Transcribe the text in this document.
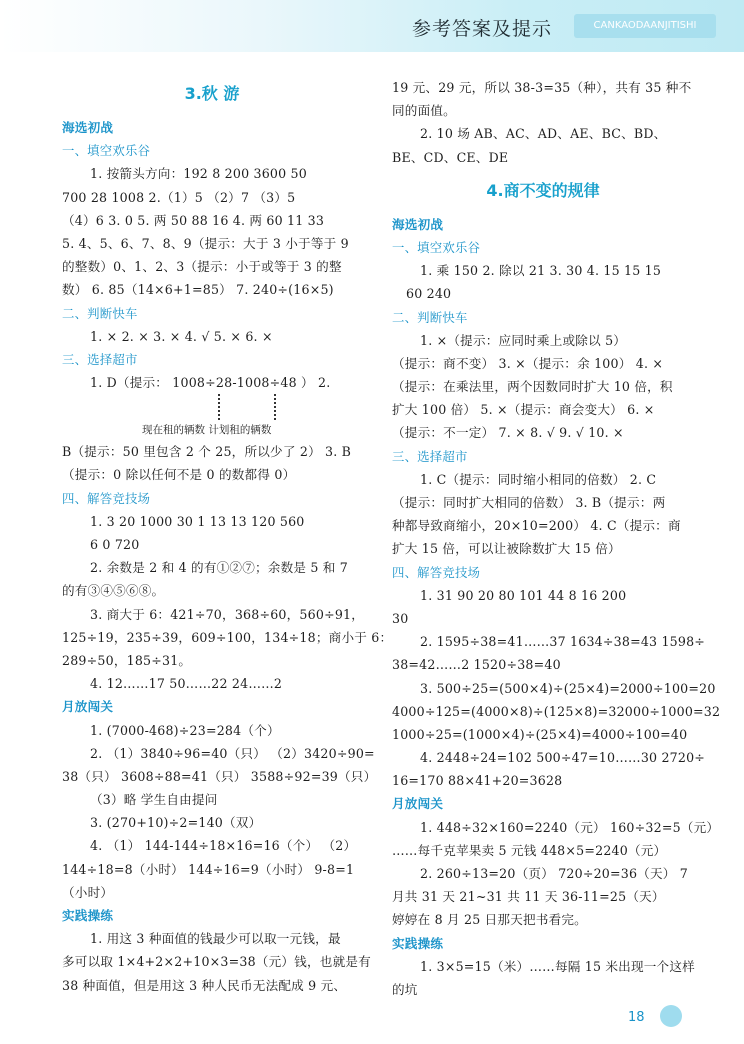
参考答案及提示	CANKAODAANJITISHI
3.秋 游
海选初战
一、填空欢乐谷
1. 按箭头方向：192 8 200 3600 50
700 28 1008 2.（1）5 （2）7 （3）5
（4）6 3. 0 5. 两 50 88 16 4. 两 60 11 33
5. 4、5、6、7、8、9（提示：大于 3 小于等于 9
的整数）0、1、2、3（提示：小于或等于 3 的整
数） 6. 85（14×6+1=85） 7. 240÷(16×5)
二、判断快车
1. × 2. × 3. × 4. √ 5. × 6. ×
三、选择超市
1. D（提示： 1008÷28-1008÷48 ） 2.
现在租的辆数 计划租的辆数
B（提示：50 里包含 2 个 25，所以少了 2） 3. B
（提示：0 除以任何不是 0 的数都得 0）
四、解答竞技场
1. 3 20 1000 30 1 13 13 120 560
6 0 720
2. 余数是 2 和 4 的有①②⑦；余数是 5 和 7
的有③④⑤⑥⑧。
3. 商大于 6：421÷70，368÷60，560÷91，
125÷19，235÷39，609÷100，134÷18；商小于 6：
289÷50，185÷31。
4. 12……17 50……22 24……2
月放闯关
1. (7000-468)÷23=284（个）
2. （1）3840÷96=40（只） （2）3420÷90=
38（只） 3608÷88=41（只） 3588÷92=39（只）
（3）略 学生自由提问
3. (270+10)÷2=140（双）
4. （1） 144-144÷18×16=16（个） （2）
144÷18=8（小时） 144÷16=9（小时） 9-8=1
（小时）
实践操练
1. 用这 3 种面值的钱最少可以取一元钱，最
多可以取 1×4+2×2+10×3=38（元）钱，也就是有
38 种面值，但是用这 3 种人民币无法配成 9 元、
19 元、29 元，所以 38-3=35（种），共有 35 种不
同的面值。
2. 10 场 AB、AC、AD、AE、BC、BD、
BE、CD、CE、DE
4.商不变的规律
海选初战
一、填空欢乐谷
1. 乘 150 2. 除以 21 3. 30 4. 15 15 15
60 240
二、判断快车
1. ×（提示：应同时乘上或除以 5）
（提示：商不变） 3. ×（提示：余 100） 4. ×
（提示：在乘法里，两个因数同时扩大 10 倍，积
扩大 100 倍） 5. ×（提示：商会变大） 6. ×
（提示：不一定） 7. × 8. √ 9. √ 10. ×
三、选择超市
1. C（提示：同时缩小相同的倍数） 2. C
（提示：同时扩大相同的倍数） 3. B（提示：两
种都导致商缩小，20×10=200） 4. C（提示：商
扩大 15 倍，可以让被除数扩大 15 倍）
四、解答竞技场
1. 31 90 20 80 101 44 8 16 200
30
2. 1595÷38=41……37 1634÷38=43 1598÷
38=42……2 1520÷38=40
3. 500÷25=(500×4)÷(25×4)=2000÷100=20
4000÷125=(4000×8)÷(125×8)=32000÷1000=32
1000÷25=(1000×4)÷(25×4)=4000÷100=40
4. 2448÷24=102 500÷47=10……30 2720÷
16=170 88×41+20=3628
月放闯关
1. 448÷32×160=2240（元） 160÷32=5（元）
……每千克苹果卖 5 元钱 448×5=2240（元）
2. 260÷13=20（页） 720÷20=36（天） 7
月共 31 天 21~31 共 11 天 36-11=25（天）
婷婷在 8 月 25 日那天把书看完。
实践操练
1. 3×5=15（米）……每隔 15 米出现一个这样
的坑
18
